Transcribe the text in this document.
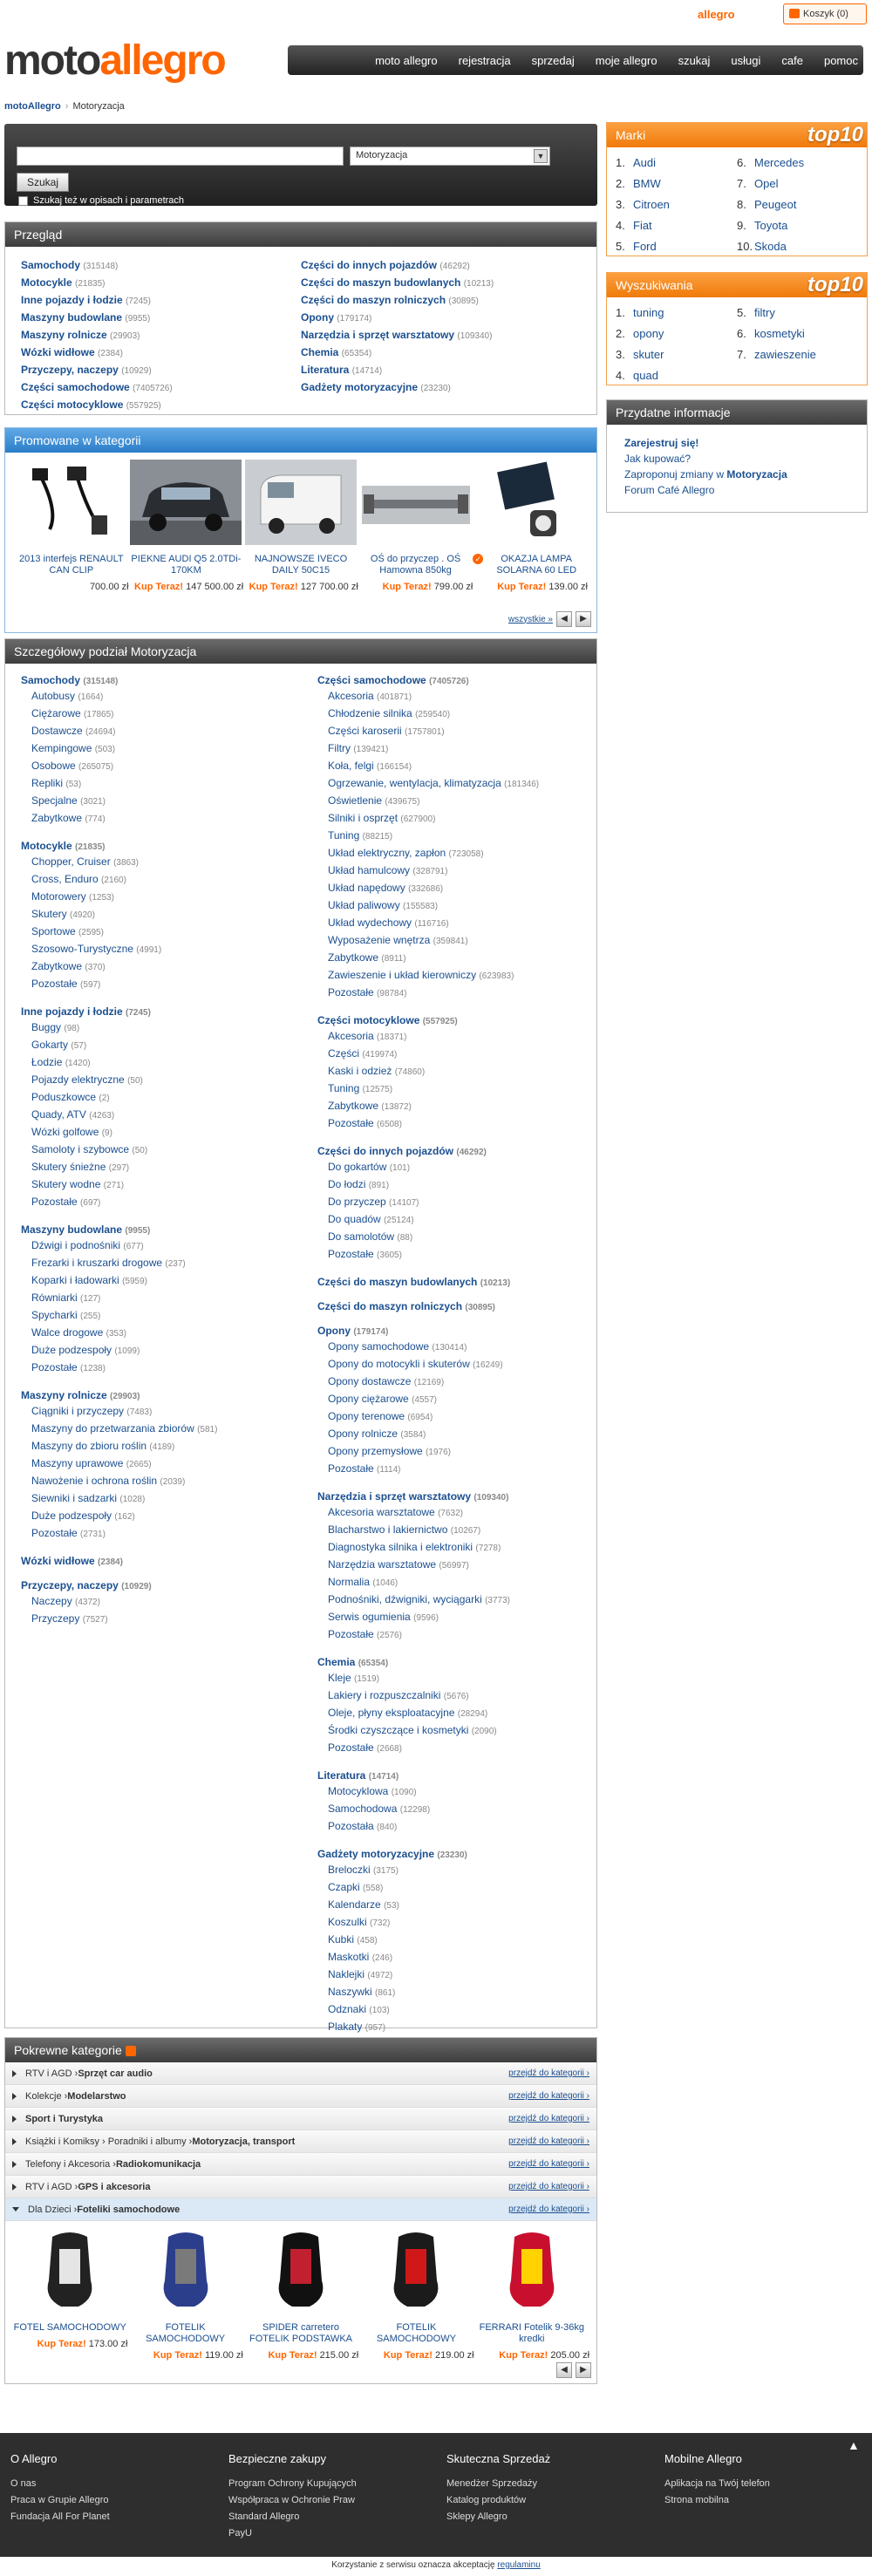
allegro	Koszyk (0)
motoallegro	moto allegro rejestracja sprzedaj moje allegro szukaj usługi cafe pomoc
motoAllegro › Motoryzacja
Motoryzacja	▼
Szukaj
Szukaj też w opisach i parametrach
Przegląd
Samochody (315148)
Motocykle (21835)
Inne pojazdy i łodzie (7245)
Maszyny budowlane (9955)
Maszyny rolnicze (29903)
Wózki widłowe (2384)
Przyczepy, naczepy (10929)
Części samochodowe (7405726)
Części motocyklowe (557925)
Części do innych pojazdów (46292)
Części do maszyn budowlanych (10213)
Części do maszyn rolniczych (30895)
Opony (179174)
Narzędzia i sprzęt warsztatowy (109340)
Chemia (65354)
Literatura (14714)
Gadżety motoryzacyjne (23230)
Promowane w kategorii
2013 interfejs RENAULT CAN CLIP
700.00 zł
PIEKNE AUDI Q5 2.0TDi-170KM
Kup Teraz! 147 500.00 zł
NAJNOWSZE IVECO DAILY 50C15
Kup Teraz! 127 700.00 zł
OŚ do przyczep . OŚ Hamowna 850kg
Kup Teraz! 799.00 zł
✓ OKAZJA LAMPA SOLARNA 60 LED
Kup Teraz! 139.00 zł
wszystkie » ◀	▶
Szczegółowy podział Motoryzacja
Samochody (315148)
Autobusy (1664)
Ciężarowe (17865)
Dostawcze (24694)
Kempingowe (503)
Osobowe (265075)
Repliki (53)
Specjalne (3021)
Zabytkowe (774)
Motocykle (21835)
Chopper, Cruiser (3863)
Cross, Enduro (2160)
Motorowery (1253)
Skutery (4920)
Sportowe (2595)
Szosowo-Turystyczne (4991)
Zabytkowe (370)
Pozostałe (597)
Inne pojazdy i łodzie (7245)
Buggy (98)
Gokarty (57)
Łodzie (1420)
Pojazdy elektryczne (50)
Poduszkowce (2)
Quady, ATV (4263)
Wózki golfowe (9)
Samoloty i szybowce (50)
Skutery śnieżne (297)
Skutery wodne (271)
Pozostałe (697)
Maszyny budowlane (9955)
Dźwigi i podnośniki (677)
Frezarki i kruszarki drogowe (237)
Koparki i ładowarki (5959)
Równiarki (127)
Spycharki (255)
Walce drogowe (353)
Duże podzespoły (1099)
Pozostałe (1238)
Maszyny rolnicze (29903)
Ciągniki i przyczepy (7483)
Maszyny do przetwarzania zbiorów (581)
Maszyny do zbioru roślin (4189)
Maszyny uprawowe (2665)
Nawożenie i ochrona roślin (2039)
Siewniki i sadzarki (1028)
Duże podzespoły (162)
Pozostałe (2731)
Wózki widłowe (2384)
Przyczepy, naczepy (10929)
Naczepy (4372)
Przyczepy (7527)
Części samochodowe (7405726)
Akcesoria (401871)
Chłodzenie silnika (259540)
Części karoserii (1757801)
Filtry (139421)
Koła, felgi (166154)
Ogrzewanie, wentylacja, klimatyzacja (181346)
Oświetlenie (439675)
Silniki i osprzęt (627900)
Tuning (88215)
Układ elektryczny, zapłon (723058)
Układ hamulcowy (328791)
Układ napędowy (332686)
Układ paliwowy (155583)
Układ wydechowy (116716)
Wyposażenie wnętrza (359841)
Zabytkowe (8911)
Zawieszenie i układ kierowniczy (623983)
Pozostałe (98784)
Części motocyklowe (557925)
Akcesoria (18371)
Części (419974)
Kaski i odzież (74860)
Tuning (12575)
Zabytkowe (13872)
Pozostałe (6508)
Części do innych pojazdów (46292)
Do gokartów (101)
Do łodzi (891)
Do przyczep (14107)
Do quadów (25124)
Do samolotów (88)
Pozostałe (3605)
Części do maszyn budowlanych (10213)
Części do maszyn rolniczych (30895)
Opony (179174)
Opony samochodowe (130414)
Opony do motocykli i skuterów (16249)
Opony dostawcze (12169)
Opony ciężarowe (4557)
Opony terenowe (6954)
Opony rolnicze (3584)
Opony przemysłowe (1976)
Pozostałe (1114)
Narzędzia i sprzęt warsztatowy (109340)
Akcesoria warsztatowe (7632)
Blacharstwo i lakiernictwo (10267)
Diagnostyka silnika i elektroniki (7278)
Narzędzia warsztatowe (56997)
Normalia (1046)
Podnośniki, dźwigniki, wyciągarki (3773)
Serwis ogumienia (9596)
Pozostałe (2576)
Chemia (65354)
Kleje (1519)
Lakiery i rozpuszczalniki (5676)
Oleje, płyny eksploatacyjne (28294)
Środki czyszczące i kosmetyki (2090)
Pozostałe (2668)
Literatura (14714)
Motocyklowa (1090)
Samochodowa (12298)
Pozostała (840)
Gadżety motoryzacyjne (23230)
Breloczki (3175)
Czapki (558)
Kalendarze (53)
Koszulki (732)
Kubki (458)
Maskotki (246)
Naklejki (4972)
Naszywki (861)
Odznaki (103)
Plakaty (957)
Pokrewne kategorie
RTV i AGD › Sprzęt car audio	przejdź do kategorii ›
Kolekcje › Modelarstwo	przejdź do kategorii ›
Sport i Turystyka	przejdź do kategorii ›
Książki i Komiksy › Poradniki i albumy › Motoryzacja, transport	przejdź do kategorii ›
Telefony i Akcesoria › Radiokomunikacja	przejdź do kategorii ›
RTV i AGD › GPS i akcesoria	przejdź do kategorii ›
Dla Dzieci › Foteliki samochodowe	przejdź do kategorii ›
FOTEL SAMOCHODOWY
Kup Teraz! 173.00 zł
FOTELIK SAMOCHODOWY
Kup Teraz! 119.00 zł
SPIDER carretero FOTELIK PODSTAWKA
Kup Teraz! 215.00 zł
FOTELIK SAMOCHODOWY
Kup Teraz! 219.00 zł
FERRARI Fotelik 9-36kg kredki
Kup Teraz! 205.00 zł
◀	▶
Marki	top10
1. Audi	6. Mercedes
2. BMW	7. Opel
3. Citroen	8. Peugeot
4. Fiat	9. Toyota
5. Ford	10. Skoda
Wyszukiwania	top10
1. tuning	5. filtry
2. opony	6. kosmetyki
3. skuter	7. zawieszenie
4. quad
Przydatne informacje
Zarejestruj się!
Jak kupować?
Zaproponuj zmiany w Motoryzacja
Forum Café Allegro
▲
O Allegro
O nas
Praca w Grupie Allegro
Fundacja All For Planet
Bezpieczne zakupy
Program Ochrony Kupujących
Współpraca w Ochronie Praw
Standard Allegro
PayU
Skuteczna Sprzedaż
Menedżer Sprzedaży
Katalog produktów
Sklepy Allegro
Mobilne Allegro
Aplikacja na Twój telefon
Strona mobilna
Korzystanie z serwisu oznacza akceptację regulaminu
